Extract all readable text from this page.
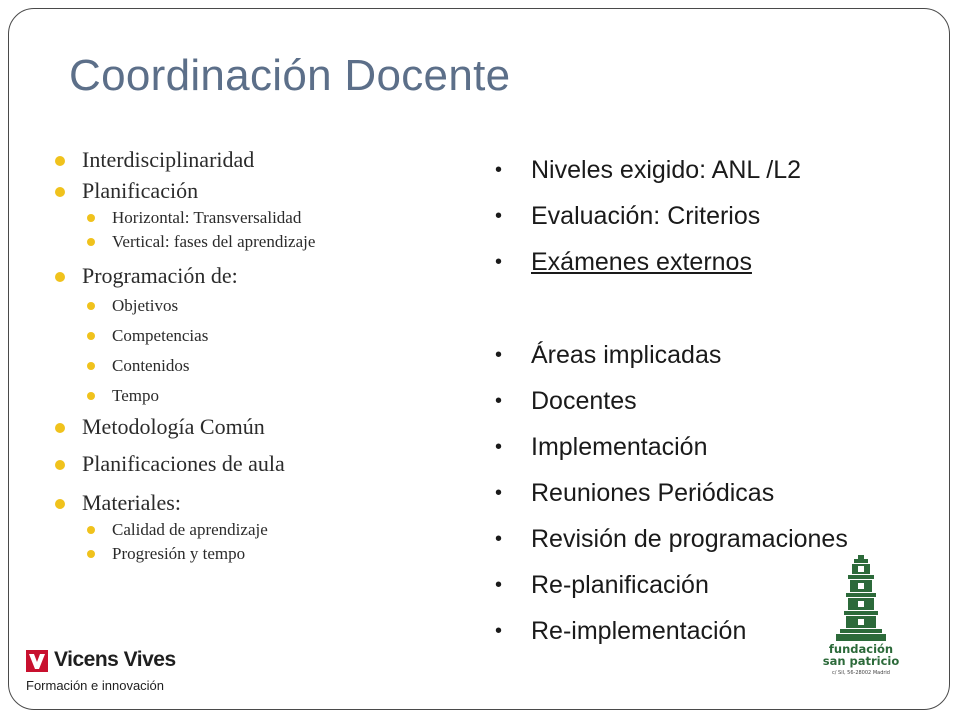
Coordinación Docente
Interdisciplinaridad
Planificación
Horizontal: Transversalidad
Vertical: fases del aprendizaje
Programación de:
Objetivos
Competencias
Contenidos
Tempo
Metodología Común
Planificaciones de aula
Materiales:
Calidad de aprendizaje
Progresión y tempo
• Niveles exigido: ANL /L2
• Evaluación: Criterios
• Exámenes externos
• Áreas implicadas
• Docentes
• Implementación
• Reuniones Periódicas
• Revisión de programaciones
• Re-planificación
• Re-implementación
Vicens Vives
Formación e innovación
fundación
san patricio
c/ Sil, 56-28002 Madrid
